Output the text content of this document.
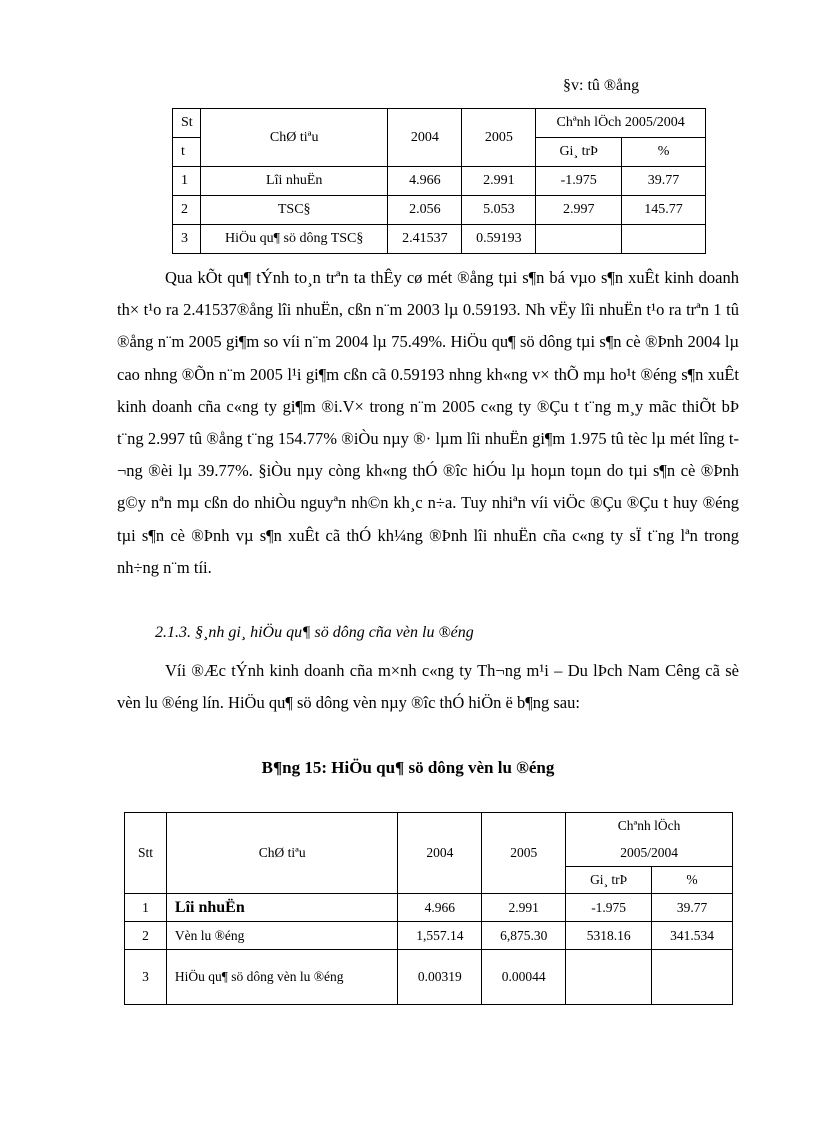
§v: tû ®ång
St	ChØ tiªu	2004	2005	Chªnh lÖch 2005/2004	
t				Gi¸ trÞ	%
1	Lîi nhuËn	4.966	2.991	-1.975	39.77
2	TSC§	2.056	5.053	2.997	145.77
3	HiÖu qu¶ sö dông TSC§	2.41537	0.59193		

Qua kÕt qu¶ tÝnh to¸n trªn ta thÊy cø mét ®ång tµi s¶n bá vµo s¶n xuÊt kinh doanh th× t¹o ra 2.41537®ång lîi nhuËn, cßn n¨m 2003 lµ 0.59193. Nh vËy lîi nhuËn t¹o ra trªn 1 tû ®ång n¨m 2005 gi¶m so víi n¨m 2004 lµ 75.49%. HiÖu qu¶ sö dông tµi s¶n cè ®Þnh 2004 lµ cao nhng ®Õn n¨m 2005 l¹i gi¶m cßn cã 0.59193 nhng kh«ng v× thÕ mµ ho¹t ®éng s¶n xuÊt kinh doanh cña c«ng ty gi¶m ®i.V× trong n¨m 2005 c«ng ty ®Çu t t¨ng m¸y mãc thiÕt bÞ t¨ng 2.997 tû ®ång t¨ng 154.77% ®iÒu nµy ®· lµm lîi nhuËn gi¶m 1.975 tû tèc lµ mét lîng t¬ng ®èi lµ 39.77%. §iÒu nµy còng kh«ng thÓ ®îc hiÓu lµ hoµn toµn do tµi s¶n cè ®Þnh g©y nªn mµ cßn do nhiÒu nguyªn nh©n kh¸c n÷a. Tuy nhiªn víi viÖc ®Çu ®Çu t huy ®éng tµi s¶n cè ®Þnh vµ s¶n xuÊt cã thÓ kh¼ng ®Þnh lîi nhuËn cña c«ng ty sÏ t¨ng lªn trong nh÷ng n¨m tíi.

2.1.3. §¸nh gi¸ hiÖu qu¶ sö dông cña vèn lu ®éng

Víi ®Æc tÝnh kinh doanh cña m×nh c«ng ty Th¬ng m¹i – Du lÞch Nam Cêng cã sè vèn lu ®éng lín. HiÖu qu¶ sö dông vèn nµy ®îc thÓ hiÖn ë b¶ng sau:

B¶ng 15: HiÖu qu¶ sö dông vèn lu ®éng
Stt	ChØ tiªu	2004	2005	Chªnh lÖch	
				2005/2004	
				Gi¸ trÞ	%
1	Lîi nhuËn	4.966	2.991	-1.975	39.77
2	Vèn lu ®éng	1,557.14	6,875.30	5318.16	341.534
3	HiÖu qu¶ sö dông vèn lu ®éng	0.00319	0.00044		
